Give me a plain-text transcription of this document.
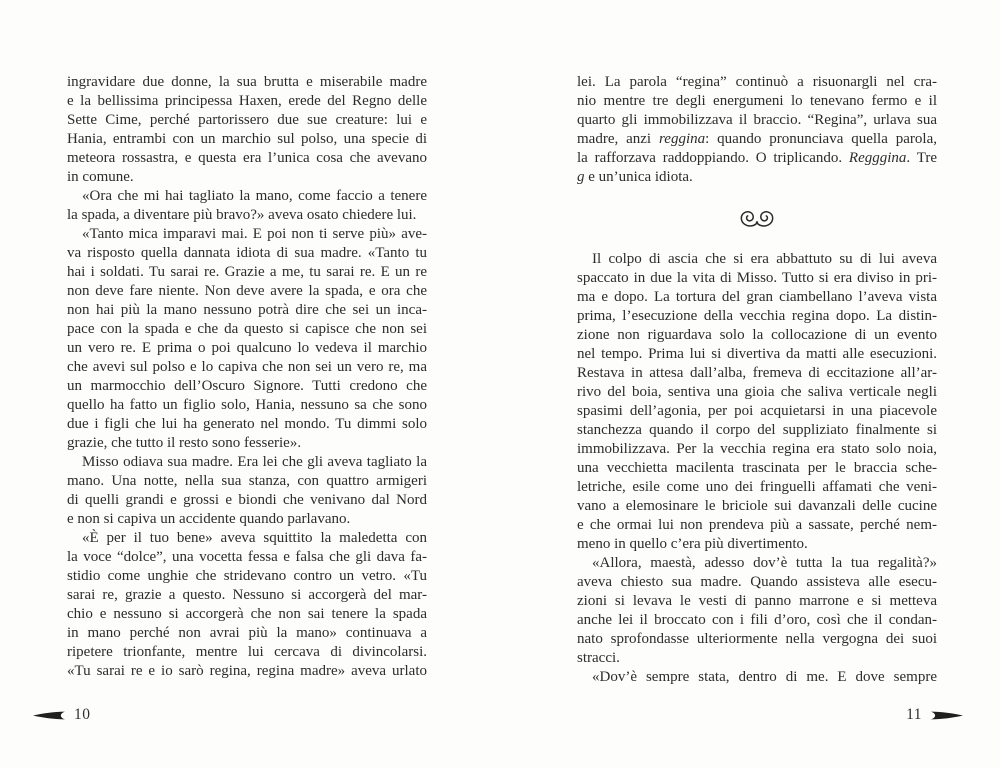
ingravidare due donne, la sua brutta e miserabile madre
e la bellissima principessa Haxen, erede del Regno delle
Sette Cime, perché partorissero due sue creature: lui e
Hania, entrambi con un marchio sul polso, una specie di
meteora rossastra, e questa era l’unica cosa che avevano
in comune.
«Ora che mi hai tagliato la mano, come faccio a tenere
la spada, a diventare più bravo?» aveva osato chiedere lui.
«Tanto mica imparavi mai. E poi non ti serve più» ave-
va risposto quella dannata idiota di sua madre. «Tanto tu
hai i soldati. Tu sarai re. Grazie a me, tu sarai re. E un re
non deve fare niente. Non deve avere la spada, e ora che
non hai più la mano nessuno potrà dire che sei un inca-
pace con la spada e che da questo si capisce che non sei
un vero re. E prima o poi qualcuno lo vedeva il marchio
che avevi sul polso e lo capiva che non sei un vero re, ma
un marmocchio dell’Oscuro Signore. Tutti credono che
quello ha fatto un figlio solo, Hania, nessuno sa che sono
due i figli che lui ha generato nel mondo. Tu dimmi solo
grazie, che tutto il resto sono fesserie».
Misso odiava sua madre. Era lei che gli aveva tagliato la
mano. Una notte, nella sua stanza, con quattro armigeri
di quelli grandi e grossi e biondi che venivano dal Nord
e non si capiva un accidente quando parlavano.
«È per il tuo bene» aveva squittito la maledetta con
la voce “dolce”, una vocetta fessa e falsa che gli dava fa-
stidio come unghie che stridevano contro un vetro. «Tu
sarai re, grazie a questo. Nessuno si accorgerà del mar-
chio e nessuno si accorgerà che non sai tenere la spada
in mano perché non avrai più la mano» continuava a
ripetere trionfante, mentre lui cercava di divincolarsi.
«Tu sarai re e io sarò regina, regina madre» aveva urlato
lei. La parola “regina” continuò a risuonargli nel cra-
nio mentre tre degli energumeni lo tenevano fermo e il
quarto gli immobilizzava il braccio. “Regina”, urlava sua
madre, anzi reggina: quando pronunciava quella parola,
la rafforzava raddoppiando. O triplicando. Regggina. Tre
g e un’unica idiota.
Il colpo di ascia che si era abbattuto su di lui aveva
spaccato in due la vita di Misso. Tutto si era diviso in pri-
ma e dopo. La tortura del gran ciambellano l’aveva vista
prima, l’esecuzione della vecchia regina dopo. La distin-
zione non riguardava solo la collocazione di un evento
nel tempo. Prima lui si divertiva da matti alle esecuzioni.
Restava in attesa dall’alba, fremeva di eccitazione all’ar-
rivo del boia, sentiva una gioia che saliva verticale negli
spasimi dell’agonia, per poi acquietarsi in una piacevole
stanchezza quando il corpo del suppliziato finalmente si
immobilizzava. Per la vecchia regina era stato solo noia,
una vecchietta macilenta trascinata per le braccia sche-
letriche, esile come uno dei fringuelli affamati che veni-
vano a elemosinare le briciole sui davanzali delle cucine
e che ormai lui non prendeva più a sassate, perché nem-
meno in quello c’era più divertimento.
«Allora, maestà, adesso dov’è tutta la tua regalità?»
aveva chiesto sua madre. Quando assisteva alle esecu-
zioni si levava le vesti di panno marrone e si metteva
anche lei il broccato con i fili d’oro, così che il condan-
nato sprofondasse ulteriormente nella vergogna dei suoi
stracci.
«Dov’è sempre stata, dentro di me. E dove sempre
10	11
